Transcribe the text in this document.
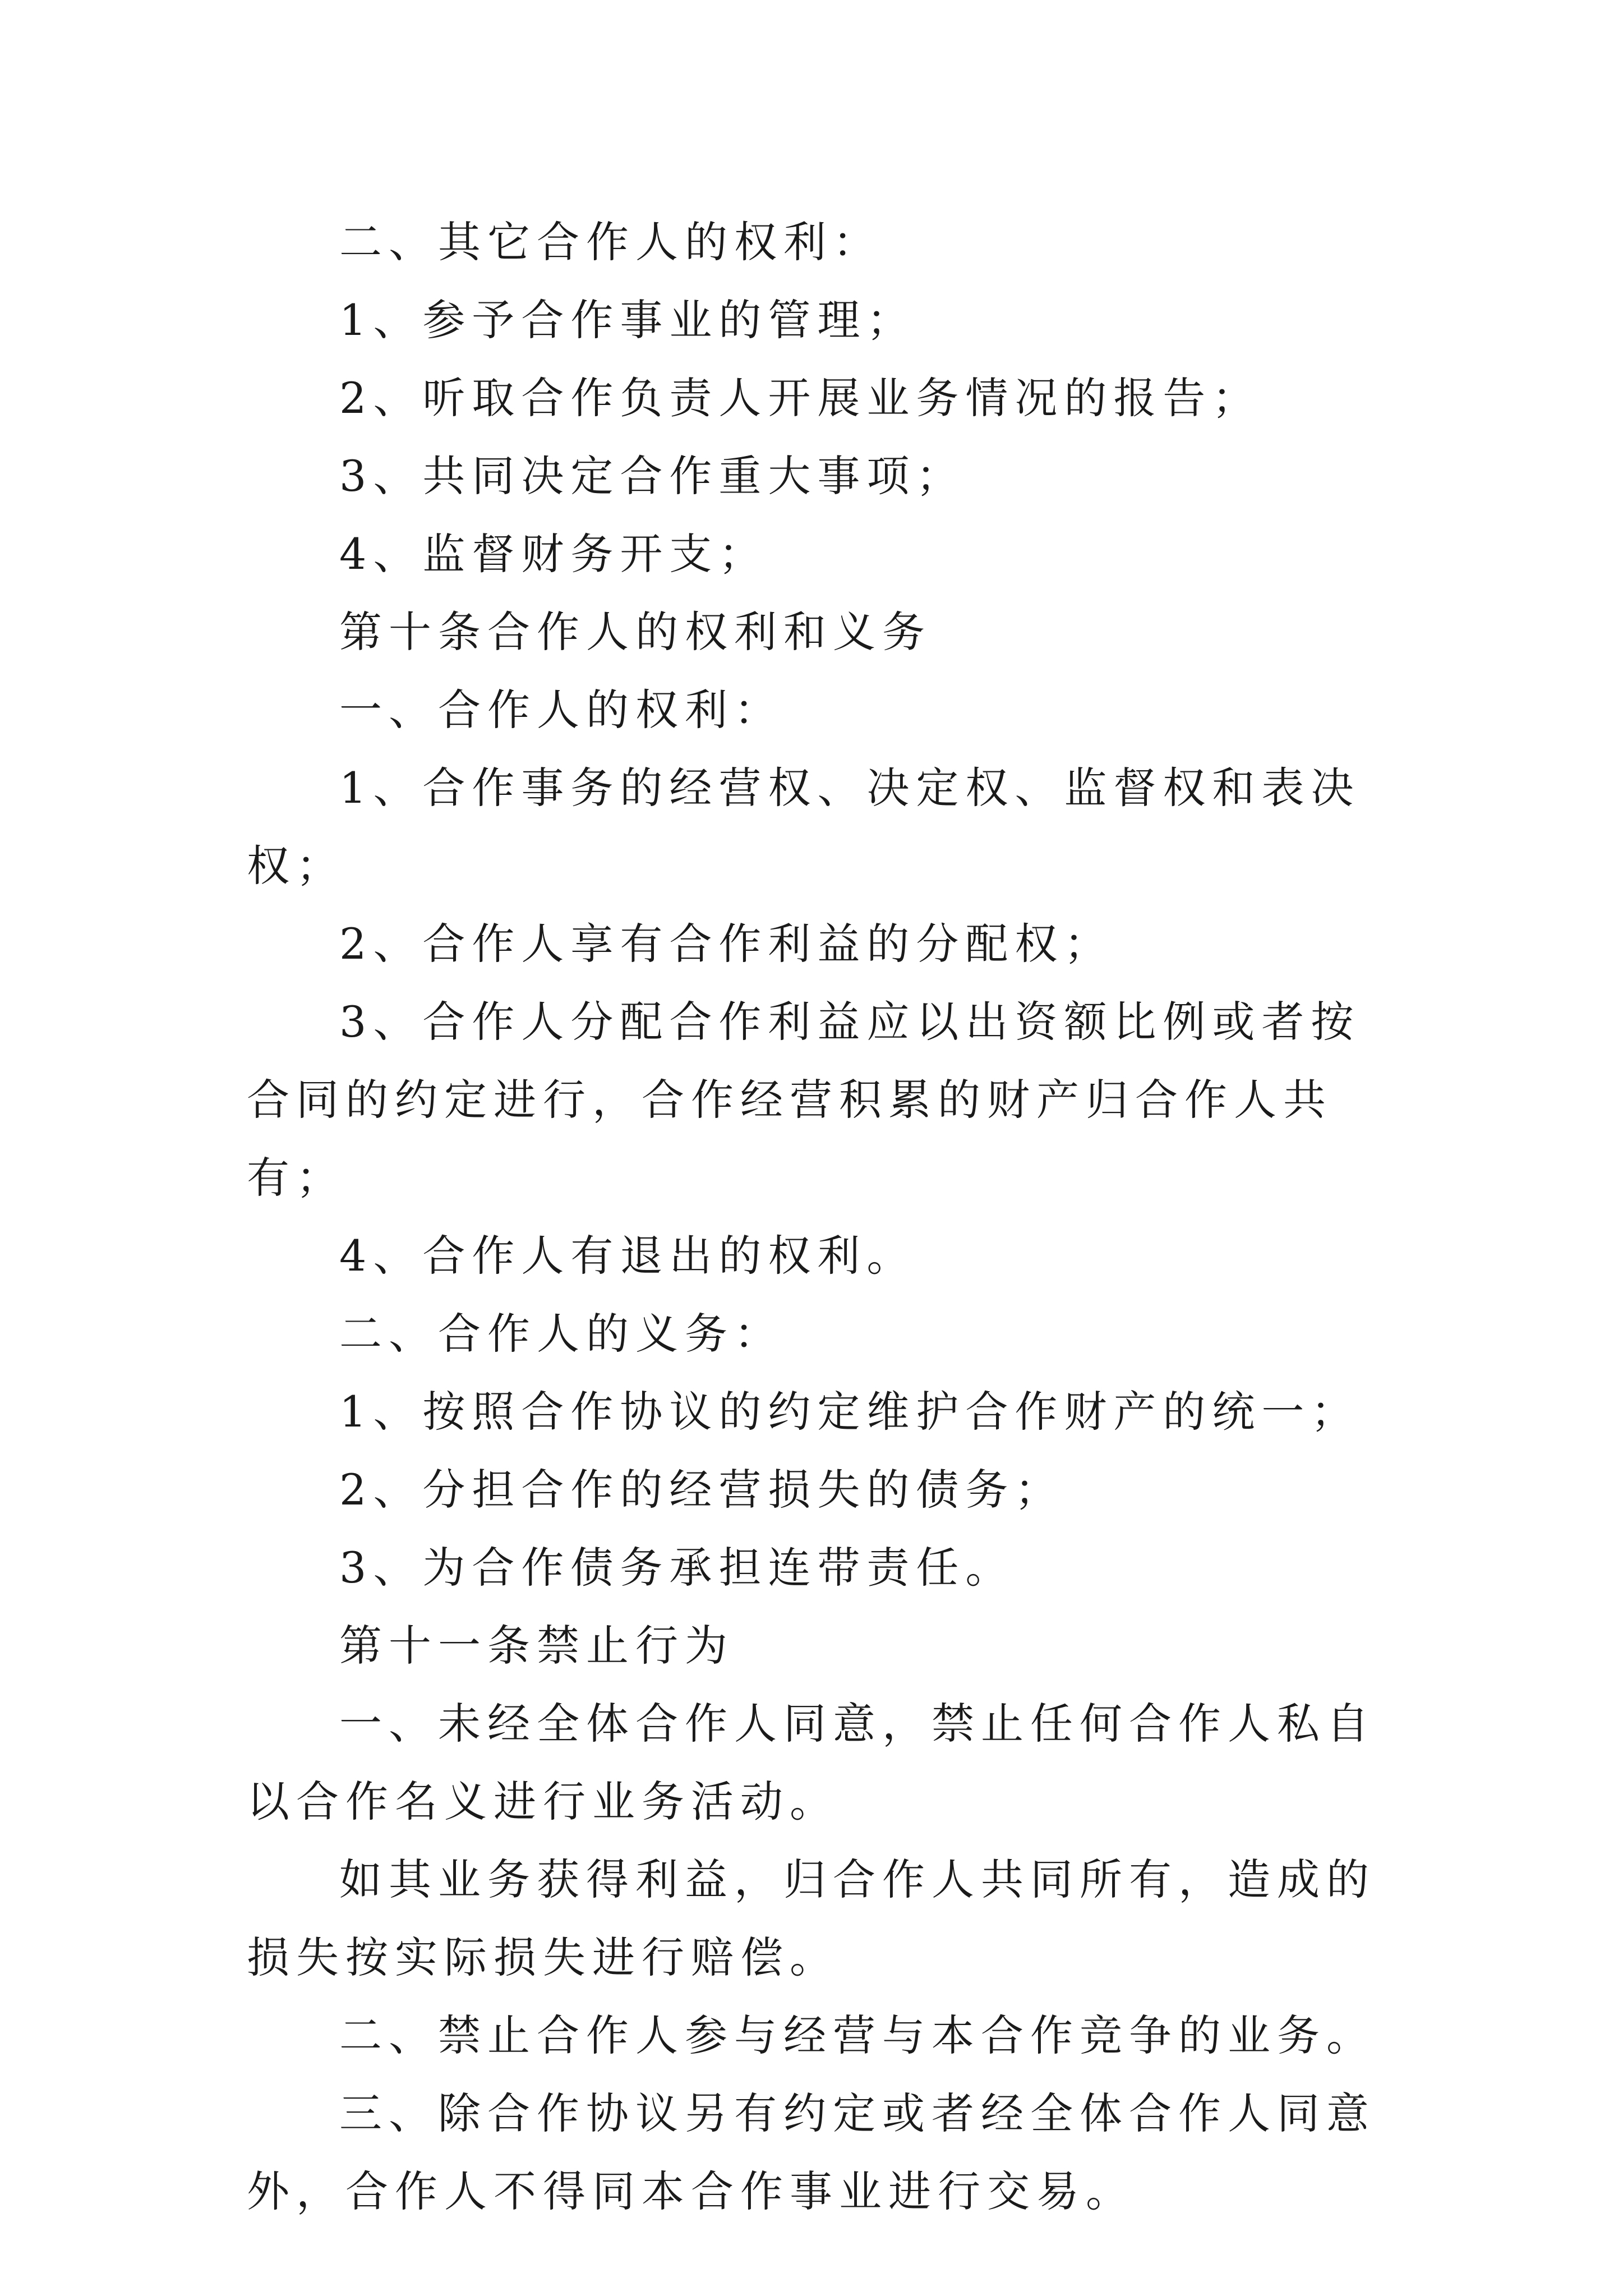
二、其它合作人的权利：

1、参予合作事业的管理；

2、听取合作负责人开展业务情况的报告；

3、共同决定合作重大事项；

4、监督财务开支；

第十条合作人的权利和义务

一、合作人的权利：

1、合作事务的经营权、决定权、监督权和表决权；

2、合作人享有合作利益的分配权；

3、合作人分配合作利益应以出资额比例或者按合同的约定进行，合作经营积累的财产归合作人共有；

4、合作人有退出的权利。

二、合作人的义务：

1、按照合作协议的约定维护合作财产的统一；

2、分担合作的经营损失的债务；

3、为合作债务承担连带责任。

第十一条禁止行为

一、未经全体合作人同意，禁止任何合作人私自以合作名义进行业务活动。

如其业务获得利益，归合作人共同所有，造成的损失按实际损失进行赔偿。

二、禁止合作人参与经营与本合作竞争的业务。

三、除合作协议另有约定或者经全体合作人同意外，合作人不得同本合作事业进行交易。
